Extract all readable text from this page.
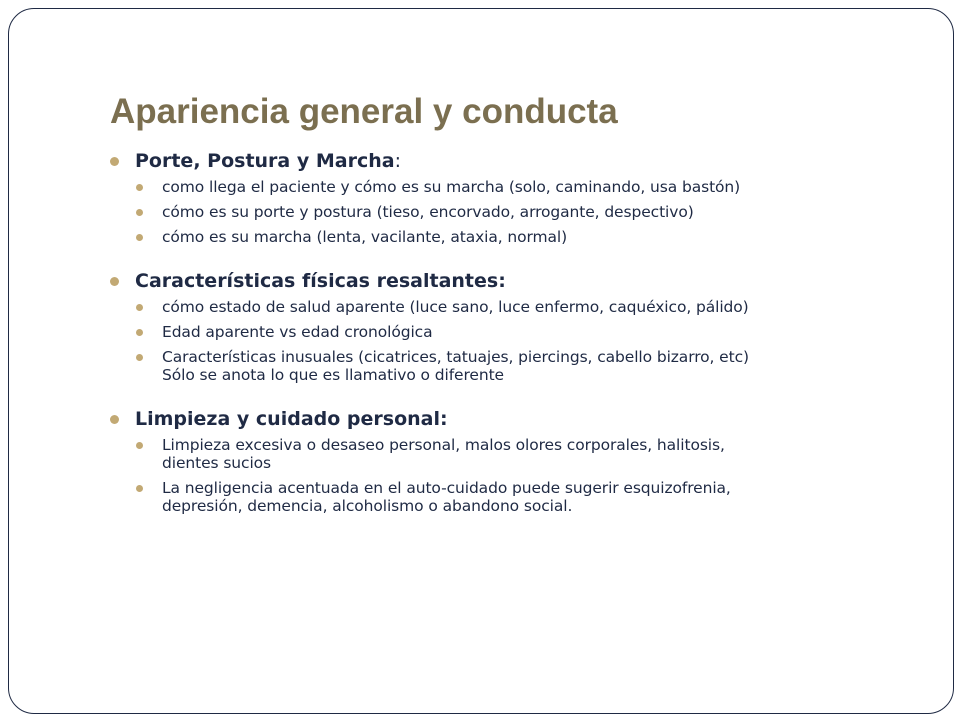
Apariencia general y conducta
Porte, Postura y Marcha:
como llega el paciente y cómo es su marcha (solo, caminando, usa bastón)
cómo es su porte y postura (tieso, encorvado, arrogante, despectivo)
cómo es su marcha (lenta, vacilante, ataxia, normal)
Características físicas resaltantes:
cómo estado de salud aparente (luce sano, luce enfermo, caquéxico, pálido)
Edad aparente vs edad cronológica
Características inusuales (cicatrices, tatuajes, piercings, cabello bizarro, etc)
Sólo se anota lo que es llamativo o diferente
Limpieza y cuidado personal:
Limpieza excesiva o desaseo personal, malos olores corporales, halitosis,
dientes sucios
La negligencia acentuada en el auto-cuidado puede sugerir esquizofrenia,
depresión, demencia, alcoholismo o abandono social.
